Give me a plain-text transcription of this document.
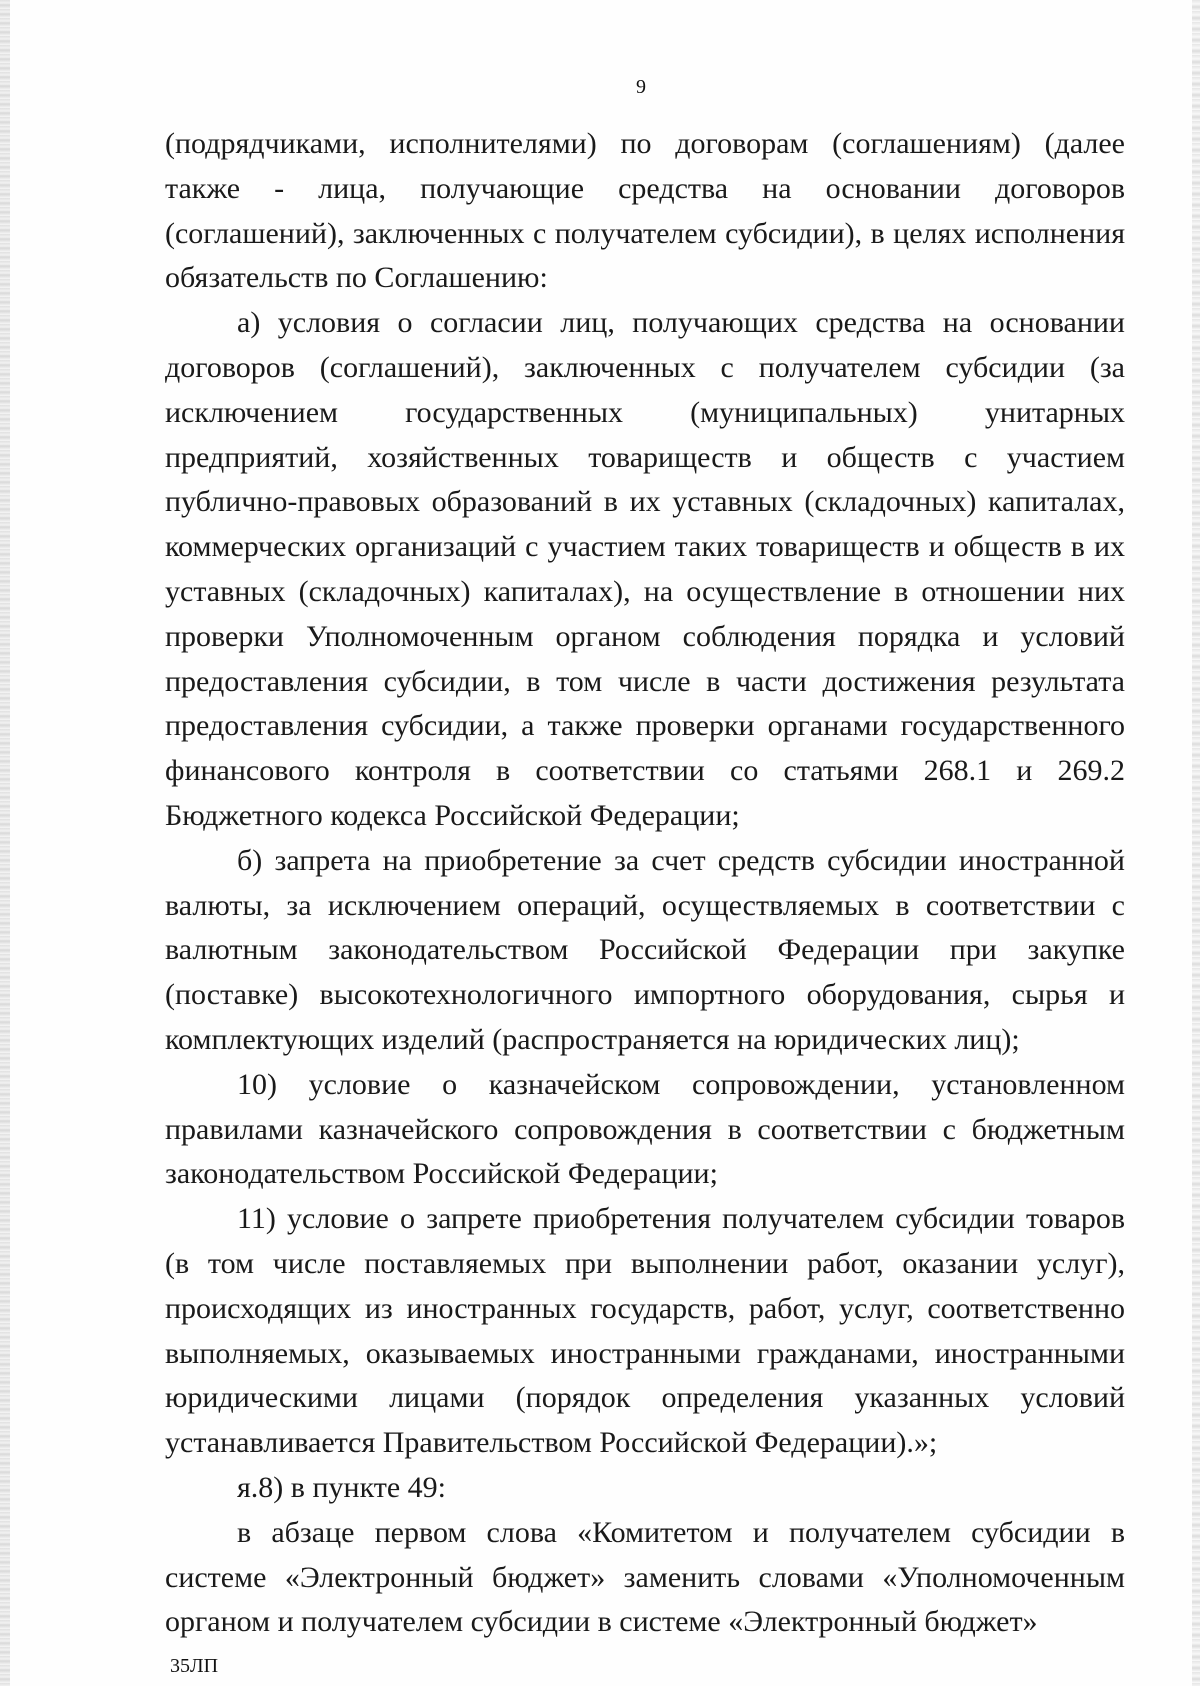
9

(подрядчиками, исполнителями) по договорам (соглашениям) (далее также - лица, получающие средства на основании договоров (соглашений), заключенных с получателем субсидии), в целях исполнения обязательств по Соглашению:

а) условия о согласии лиц, получающих средства на основании договоров (соглашений), заключенных с получателем субсидии (за исключением государственных (муниципальных) унитарных предприятий, хозяйственных товариществ и обществ с участием публично-правовых образований в их уставных (складочных) капиталах, коммерческих организаций с участием таких товариществ и обществ в их уставных (складочных) капиталах), на осуществление в отношении них проверки Уполномоченным органом соблюдения порядка и условий предоставления субсидии, в том числе в части достижения результата предоставления субсидии, а также проверки органами государственного финансового контроля в соответствии со статьями 268.1 и 269.2 Бюджетного кодекса Российской Федерации;

б) запрета на приобретение за счет средств субсидии иностранной валюты, за исключением операций, осуществляемых в соответствии с валютным законодательством Российской Федерации при закупке (поставке) высокотехнологичного импортного оборудования, сырья и комплектующих изделий (распространяется на юридических лиц);

10) условие о казначейском сопровождении, установленном правилами казначейского сопровождения в соответствии с бюджетным законодательством Российской Федерации;

11) условие о запрете приобретения получателем субсидии товаров (в том числе поставляемых при выполнении работ, оказании услуг), происходящих из иностранных государств, работ, услуг, соответственно выполняемых, оказываемых иностранными гражданами, иностранными юридическими лицами (порядок определения указанных условий устанавливается Правительством Российской Федерации).»;

я.8) в пункте 49:

в абзаце первом слова «Комитетом и получателем субсидии в системе «Электронный бюджет» заменить словами «Уполномоченным органом и получателем субсидии в системе «Электронный бюджет»

35ЛП
